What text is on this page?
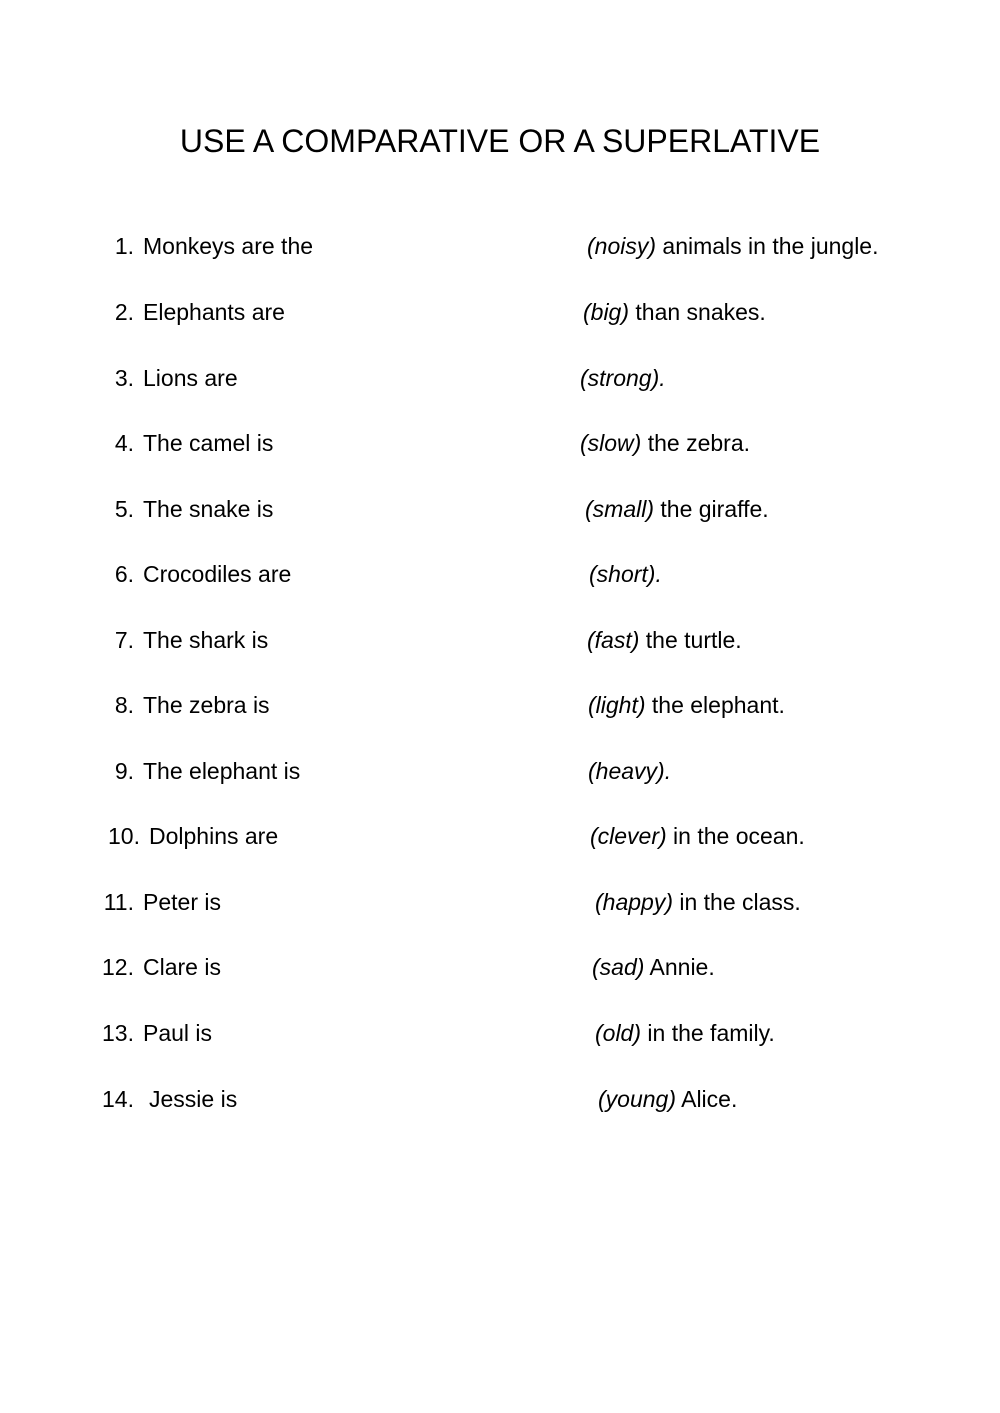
USE A COMPARATIVE OR A SUPERLATIVE
1. Monkeys are the	(noisy) animals in the jungle.
2. Elephants are	(big) than snakes.
3. Lions are	(strong).
4. The camel is	(slow) the zebra.
5. The snake is	(small) the giraffe.
6. Crocodiles are	(short).
7. The shark is	(fast) the turtle.
8. The zebra is	(light) the elephant.
9. The elephant is	(heavy).
10. Dolphins are	(clever) in the ocean.
11. Peter is	(happy) in the class.
12. Clare is	(sad) Annie.
13. Paul is	(old) in the family.
14. Jessie is	(young) Alice.
